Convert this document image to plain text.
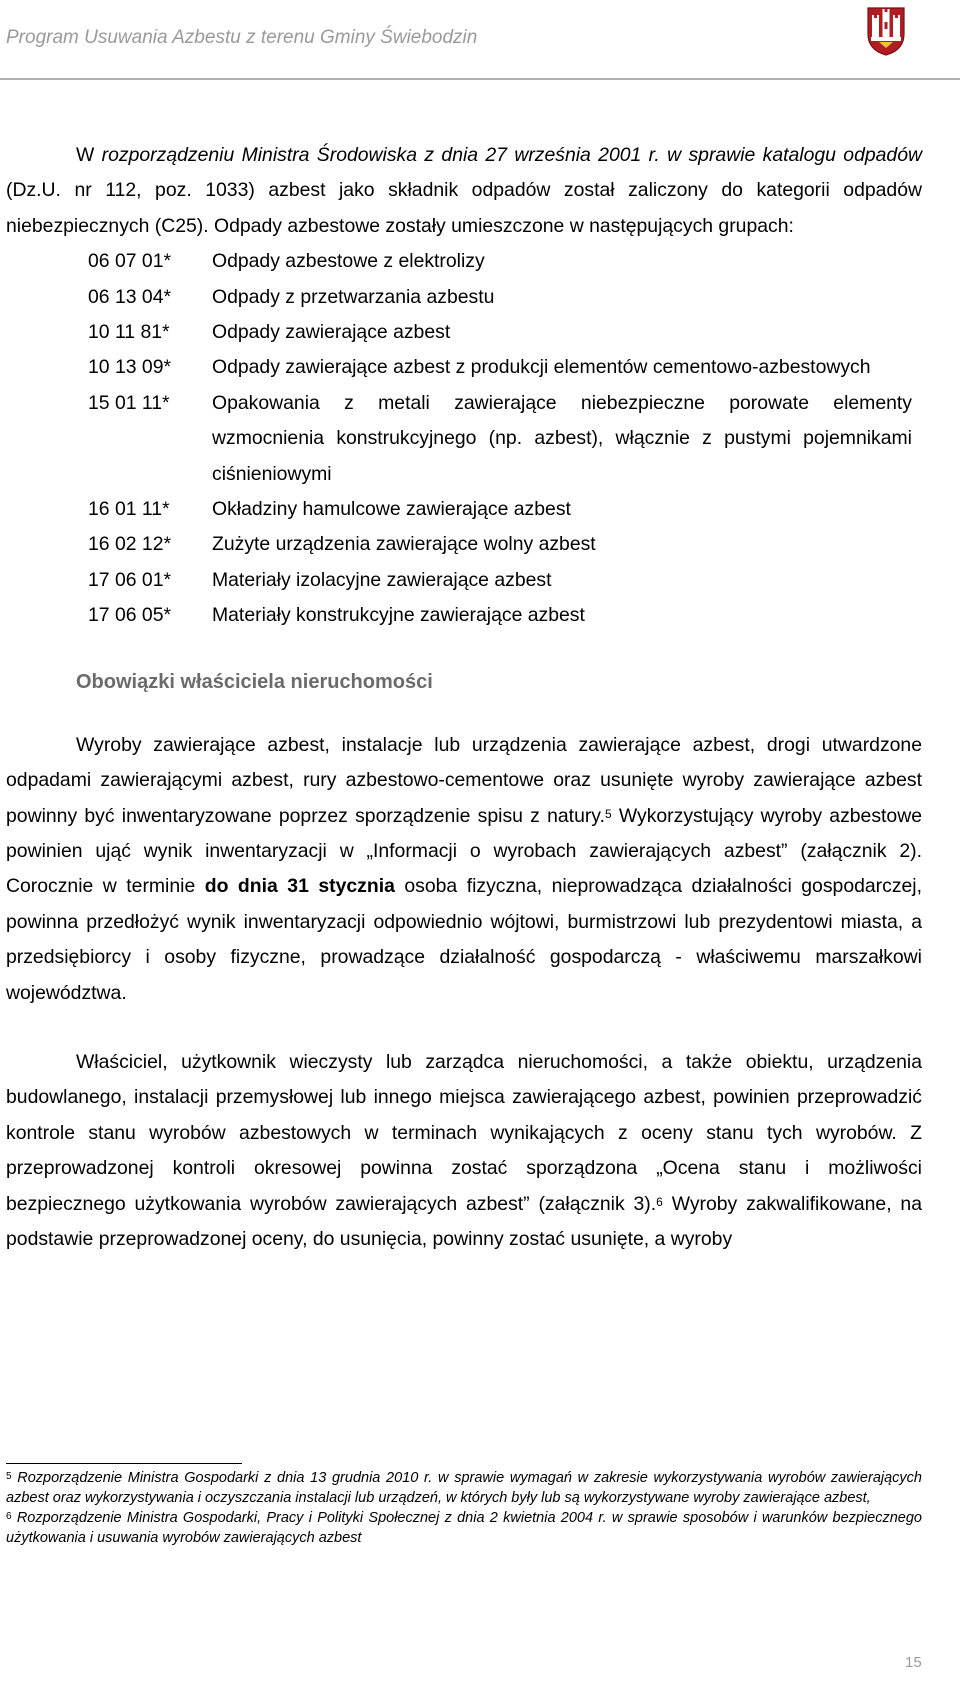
Program Usuwania Azbestu z terenu Gminy Świebodzin

W rozporządzeniu Ministra Środowiska z dnia 27 września 2001 r. w sprawie katalogu odpadów (Dz.U. nr 112, poz. 1033) azbest jako składnik odpadów został zaliczony do kategorii odpadów niebezpiecznych (C25). Odpady azbestowe zostały umieszczone w następujących grupach:

06 07 01*	Odpady azbestowe z elektrolizy
06 13 04*	Odpady z przetwarzania azbestu
10 11 81*	Odpady zawierające azbest
10 13 09*	Odpady zawierające azbest z produkcji elementów cementowo-azbestowych
15 01 11*	Opakowania z metali zawierające niebezpieczne porowate elementy wzmocnienia konstrukcyjnego (np. azbest), włącznie z pustymi pojemnikami ciśnieniowymi
16 01 11*	Okładziny hamulcowe zawierające azbest
16 02 12*	Zużyte urządzenia zawierające wolny azbest
17 06 01*	Materiały izolacyjne zawierające azbest
17 06 05*	Materiały konstrukcyjne zawierające azbest
Obowiązki właściciela nieruchomości

Wyroby zawierające azbest, instalacje lub urządzenia zawierające azbest, drogi utwardzone odpadami zawierającymi azbest, rury azbestowo-cementowe oraz usunięte wyroby zawierające azbest powinny być inwentaryzowane poprzez sporządzenie spisu z natury.$^5$ Wykorzystujący wyroby azbestowe powinien ująć wynik inwentaryzacji w „Informacji o wyrobach zawierających azbest” (załącznik 2). Corocznie w terminie do dnia 31 stycznia osoba fizyczna, nieprowadząca działalności gospodarczej, powinna przedłożyć wynik inwentaryzacji odpowiednio wójtowi, burmistrzowi lub prezydentowi miasta, a przedsiębiorcy i osoby fizyczne, prowadzące działalność gospodarczą - właściwemu marszałkowi województwa.

Właściciel, użytkownik wieczysty lub zarządca nieruchomości, a także obiektu, urządzenia budowlanego, instalacji przemysłowej lub innego miejsca zawierającego azbest, powinien przeprowadzić kontrole stanu wyrobów azbestowych w terminach wynikających z oceny stanu tych wyrobów. Z przeprowadzonej kontroli okresowej powinna zostać sporządzona „Ocena stanu i możliwości bezpiecznego użytkowania wyrobów zawierających azbest” (załącznik 3).$^6$ Wyroby zakwalifikowane, na podstawie przeprowadzonej oceny, do usunięcia, powinny zostać usunięte, a wyroby

$^5$ Rozporządzenie Ministra Gospodarki z dnia 13 grudnia 2010 r. w sprawie wymagań w zakresie wykorzystywania wyrobów zawierających azbest oraz wykorzystywania i oczyszczania instalacji lub urządzeń, w których były lub są wykorzystywane wyroby zawierające azbest,

$^6$ Rozporządzenie Ministra Gospodarki, Pracy i Polityki Społecznej z dnia 2 kwietnia 2004 r. w sprawie sposobów i warunków bezpiecznego użytkowania i usuwania wyrobów zawierających azbest

15
